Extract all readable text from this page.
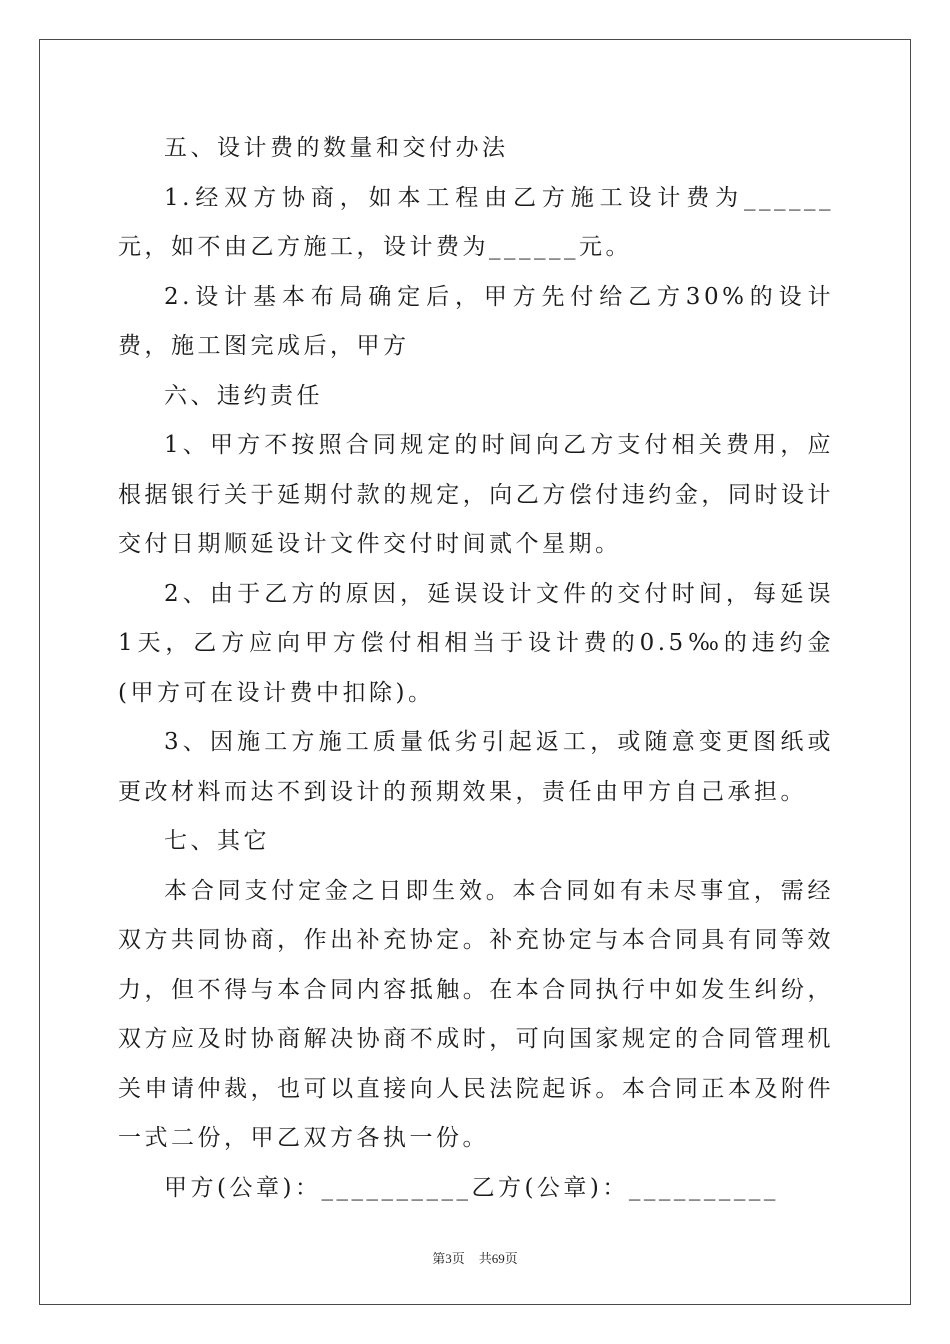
五、设计费的数量和交付办法

1.经双方协商，如本工程由乙方施工设计费为______元，如不由乙方施工，设计费为______元。

2.设计基本布局确定后，甲方先付给乙方30%的设计费，施工图完成后，甲方

六、违约责任

1、甲方不按照合同规定的时间向乙方支付相关费用，应根据银行关于延期付款的规定，向乙方偿付违约金，同时设计交付日期顺延设计文件交付时间贰个星期。

2、由于乙方的原因，延误设计文件的交付时间，每延误1天，乙方应向甲方偿付相相当于设计费的0.5‰的违约金(甲方可在设计费中扣除)。

3、因施工方施工质量低劣引起返工，或随意变更图纸或更改材料而达不到设计的预期效果，责任由甲方自己承担。

七、其它

本合同支付定金之日即生效。本合同如有未尽事宜，需经双方共同协商，作出补充协定。补充协定与本合同具有同等效力，但不得与本合同内容抵触。在本合同执行中如发生纠纷，双方应及时协商解决协商不成时，可向国家规定的合同管理机关申请仲裁，也可以直接向人民法院起诉。本合同正本及附件一式二份，甲乙双方各执一份。

甲方(公章)：__________乙方(公章)：__________
第3页 共69页
